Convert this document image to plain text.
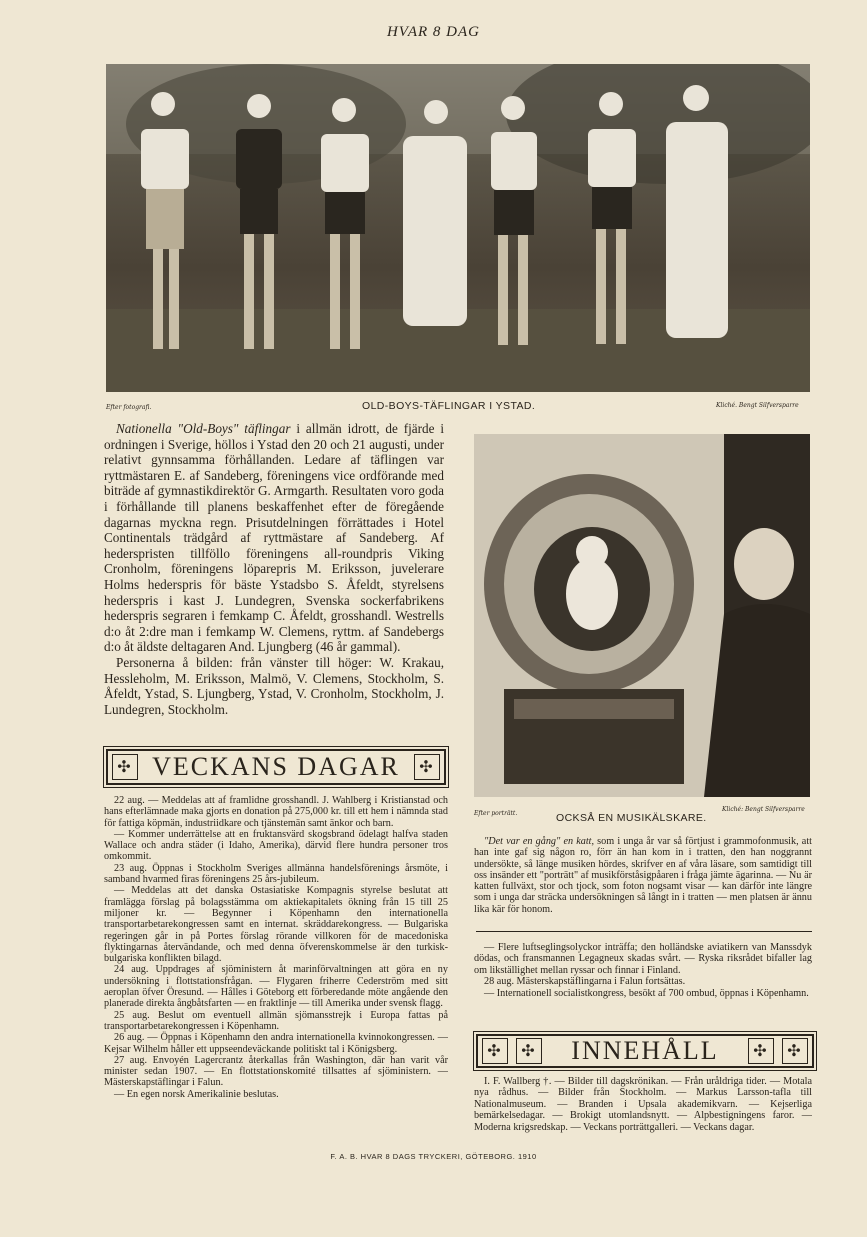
HVAR 8 DAG
Efter fotografi.	OLD-BOYS-TÄFLINGAR I YSTAD.	Kliché. Bengt Silfversparre

Nationella "Old-Boys" täflingar i allmän idrott, de fjärde i ordningen i Sverige, höllos i Ystad den 20 och 21 augusti, under relativt gynnsamma förhållanden. Ledare af täflingen var ryttmästaren E. af Sandeberg, föreningens vice ordförande med biträde af gymnastikdirektör G. Armgarth. Resultaten voro goda i förhållande till planens beskaffenhet efter de föregående dagarnas myckna regn. Prisutdelningen förrättades i Hotel Continentals trädgård af ryttmästare af Sandeberg. Af hederspristen tillföllo föreningens all-roundpris Viking Cronholm, föreningens löparepris M. Eriksson, juvelerare Holms hederspris för bäste Ystadsbo S. Åfeldt, styrelsens hederspris i kast J. Lundegren, Svenska sockerfabrikens hederspris segraren i femkamp C. Åfeldt, grosshandl. Westrells d:o åt 2:dre man i femkamp W. Clemens, ryttm. af Sandebergs d:o åt äldste deltagaren And. Ljungberg (46 år gammal).

Personerna å bilden: från vänster till höger: W. Krakau, Hessleholm, M. Eriksson, Malmö, V. Clemens, Stockholm, S. Åfeldt, Ystad, S. Ljungberg, Ystad, V. Cronholm, Stockholm, J. Lundegren, Stockholm.

✣ VECKANS DAGAR	✣

22 aug. — Meddelas att af framlidne grosshandl. J. Wahlberg i Kristianstad och hans efterlämnade maka gjorts en donation på 275,000 kr. till ett hem i nämnda stad för fattiga köpmän, industriidkare och tjänstemän samt änkor och barn.

— Kommer underrättelse att en fruktansvärd skogsbrand ödelagt halfva staden Wallace och andra städer (i Idaho, Amerika), därvid flere hundra personer tros omkommit.

23 aug. Öppnas i Stockholm Sveriges allmänna handelsförenings årsmöte, i samband hvarmed firas föreningens 25 års-jubileum.

— Meddelas att det danska Ostasiatiske Kompagnis styrelse beslutat att framlägga förslag på bolagsstämma om aktiekapitalets ökning från 15 till 25 miljoner kr. — Begynner i Köpenhamn den internationella transportarbetarekongressen samt en internat. skräddarekongress. — Bulgariska regeringen går in på Portes förslag rörande villkoren för de macedoniska flyktingarnas återvändande, och med denna öfverenskommelse är den turkisk-bulgariska konflikten bilagd.

24 aug. Uppdrages af sjöministern åt marinförvaltningen att göra en ny undersökning i flottstationsfrågan. — Flygaren friherre Cederström med sitt aeroplan öfver Öresund. — Hålles i Göteborg ett förberedande möte angående den planerade direkta ångbåtsfarten — en fraktlinje — till Amerika under svensk flagg.

25 aug. Beslut om eventuell allmän sjömansstrejk i Europa fattas på transportarbetarekongressen i Köpenhamn.

26 aug. — Öppnas i Köpenhamn den andra internationella kvinnokongressen. — Kejsar Wilhelm håller ett uppseendeväckande politiskt tal i Königsberg.

27 aug. Envoyén Lagercrantz återkallas från Washington, där han varit vår minister sedan 1907. — En flottstationskomité tillsattes af sjöministern. — Mästerskapstäflingar i Falun.

— En egen norsk Amerikalinie beslutas.

Efter porträtt.	OCKSÅ EN MUSIKÄLSKARE.
Kliché: Bengt Silfversparre

"Det var en gång" en katt, som i unga år var så förtjust i grammofonmusik, att han inte gaf sig någon ro, förr än han kom in i tratten, den han noggrannt undersökte, så länge musiken hördes, skrifver en af våra läsare, som samtidigt till oss insänder ett "porträtt" af musikförståsigpåaren i fråga jämte ägarinna. — Nu är katten fullväxt, stor och tjock, som foton nogsamt visar — kan därför inte längre som i unga dar sträcka undersökningen så långt in i tratten — men platsen är ännu lika kär för honom.

— Flere luftseglingsolyckor inträffa; den holländske aviatikern van Manssdyk dödas, och fransmannen Legagneux skadas svårt. — Ryska riksrådet bifaller lag om likställighet mellan ryssar och finnar i Finland.

28 aug. Mästerskapstäflingarna i Falun fortsättas.

— Internationell socialistkongress, besökt af 700 ombud, öppnas i Köpenhamn.

✣	✣	INNEHÅLL	✣	✣

I. F. Wallberg †. — Bilder till dagskrönikan. — Från uråldriga tider. — Motala nya rådhus. — Bilder från Stockholm. — Markus Larsson-tafla till Nationalmuseum. — Branden i Upsala akademikvarn. — Kejserliga bemärkelsedagar. — Brokigt utomlandsnytt. — Alpbestigningens faror. — Moderna krigsredskap. — Veckans porträttgalleri. — Veckans dagar.

F. A. B. HVAR 8 DAGS TRYCKERI, GÖTEBORG. 1910
